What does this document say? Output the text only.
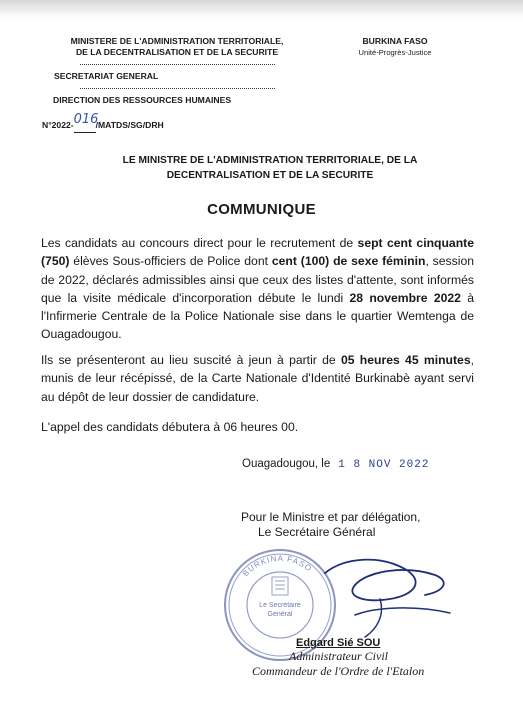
MINISTERE DE L'ADMINISTRATION TERRITORIALE,
DE LA DECENTRALISATION ET DE LA SECURITE
SECRETARIAT GENERAL
DIRECTION DES RESSOURCES HUMAINES
BURKINA FASO
Unité-Progrès-Justice
N°2022-016/MATDS/SG/DRH
LE MINISTRE DE L'ADMINISTRATION TERRITORIALE, DE LA
DECENTRALISATION ET DE LA SECURITE
COMMUNIQUE
Les candidats au concours direct pour le recrutement de sept cent cinquante (750) élèves Sous-officiers de Police dont cent (100) de sexe féminin, session de 2022, déclarés admissibles ainsi que ceux des listes d'attente, sont informés que la visite médicale d'incorporation débute le lundi 28 novembre 2022 à l'Infirmerie Centrale de la Police Nationale sise dans le quartier Wemtenga de Ouagadougou.
Ils se présenteront au lieu suscité à jeun à partir de 05 heures 45 minutes, munis de leur récépissé, de la Carte Nationale d'Identité Burkinabè ayant servi au dépôt de leur dossier de candidature.
L'appel des candidats débutera à 06 heures 00.
Ouagadougou, le 1 8 NOV 2022
Pour le Ministre et par délégation,
Le Secrétaire Général
BURKINA FASO
Le Secrétaire
Général
Edgard Sié SOU
Administrateur Civil
Commandeur de l'Ordre de l'Etalon
